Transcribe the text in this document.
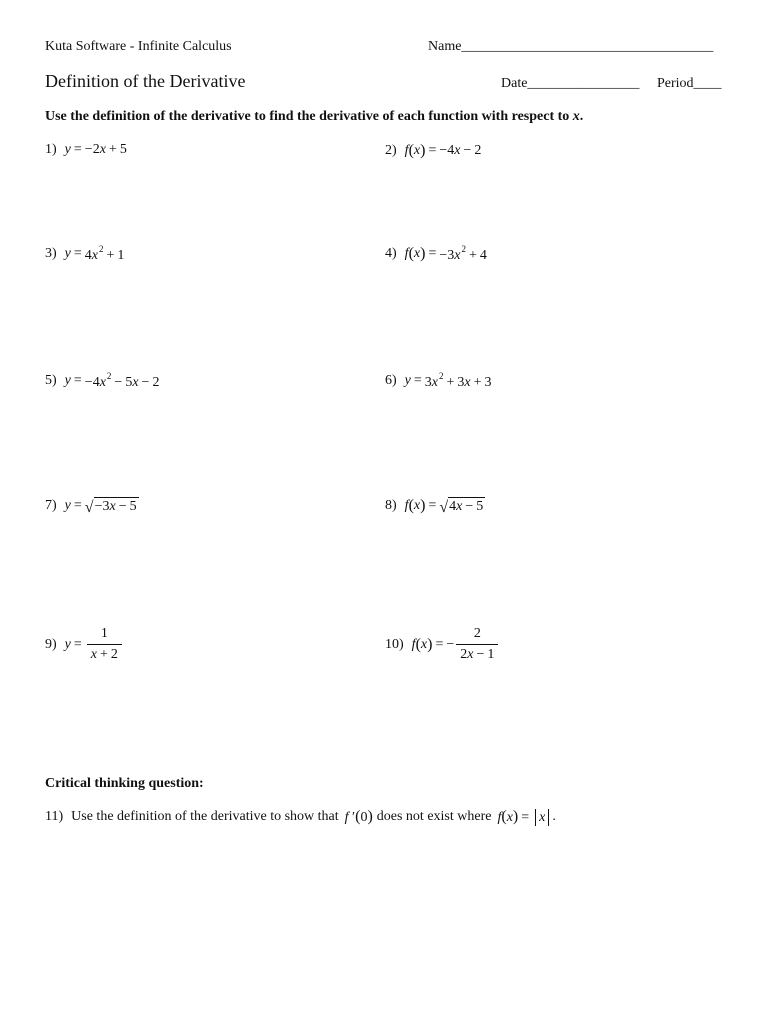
Kuta Software - Infinite Calculus	Name____________________________________
Definition of the Derivative	Date________________ Period____
Use the definition of the derivative to find the derivative of each function with respect to x.
1) y = −2x + 5	2) f ( x ) = −4x − 2
3) $y = 4x^2 + 1$	4) f ( x ) = $-3x^2 + 4$
5) $y = -4x^2 - 5x - 2$	6) $y = 3x^2 + 3x + 3$
7) y = √ −3x − 5	8) f ( x ) = √ 4x − 5
9) $y = \frac{1}{x + 2}$	10) f ( x ) = − $\frac{2}{2x - 1}$
Critical thinking question:
11) Use the definition of the derivative to show that f ′(0) does not exist where f(x) = x .
